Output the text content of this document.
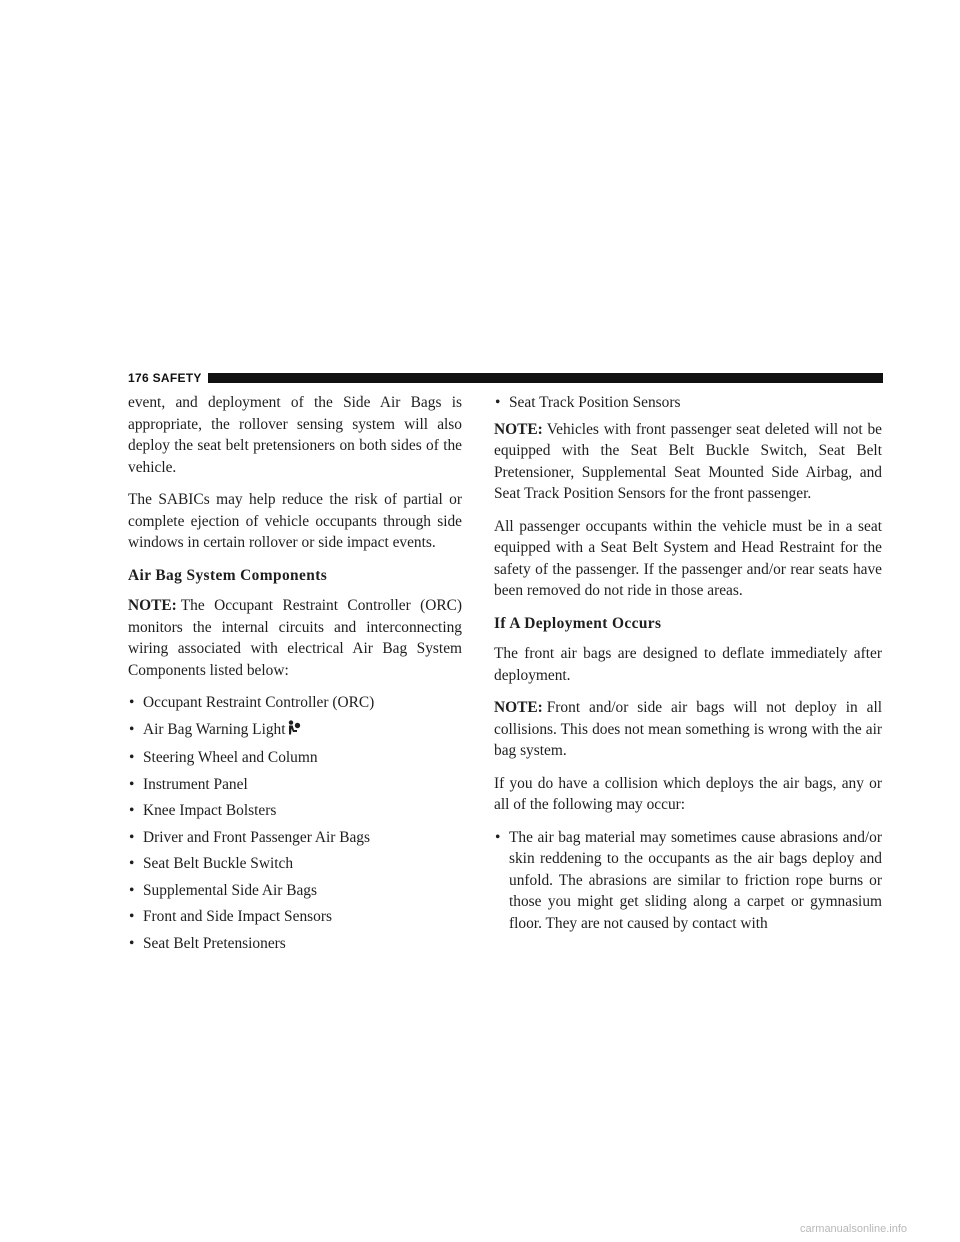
176 SAFETY

event, and deployment of the Side Air Bags is appropriate, the rollover sensing system will also deploy the seat belt pretensioners on both sides of the vehicle.

The SABICs may help reduce the risk of partial or complete ejection of vehicle occupants through side windows in certain rollover or side impact events.

Air Bag System Components

NOTE: The Occupant Restraint Controller (ORC) monitors the internal circuits and interconnecting wiring associated with electrical Air Bag System Components listed below:

• Occupant Restraint Controller (ORC)
• Air Bag Warning Light
• Steering Wheel and Column
• Instrument Panel
• Knee Impact Bolsters
• Driver and Front Passenger Air Bags
• Seat Belt Buckle Switch
• Supplemental Side Air Bags
• Front and Side Impact Sensors
• Seat Belt Pretensioners
• Seat Track Position Sensors

NOTE: Vehicles with front passenger seat deleted will not be equipped with the Seat Belt Buckle Switch, Seat Belt Pretensioner, Supplemental Seat Mounted Side Airbag, and Seat Track Position Sensors for the front passenger.

All passenger occupants within the vehicle must be in a seat equipped with a Seat Belt System and Head Restraint for the safety of the passenger. If the passenger and/or rear seats have been removed do not ride in those areas.

If A Deployment Occurs

The front air bags are designed to deflate immediately after deployment.

NOTE: Front and/or side air bags will not deploy in all collisions. This does not mean something is wrong with the air bag system.

If you do have a collision which deploys the air bags, any or all of the following may occur:

• The air bag material may sometimes cause abrasions and/or skin reddening to the occupants as the air bags deploy and unfold. The abrasions are similar to friction rope burns or those you might get sliding along a carpet or gymnasium floor. They are not caused by contact with
carmanualsonline.info
